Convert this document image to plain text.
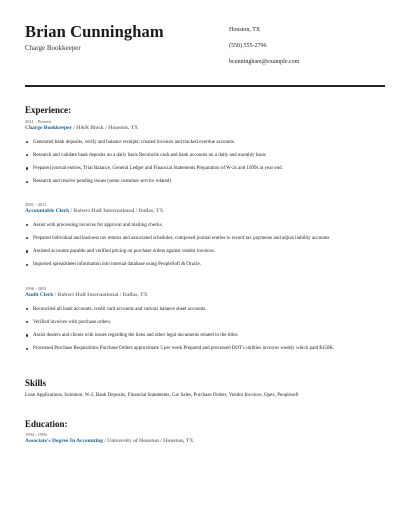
Brian Cunningham
Charge Bookkeeper
Houston, TX
(550) 555-2796
bcunningham@example.com
Experience:
2011 - Present
Charge Bookkeeper / H&R Block / Houston, TX
Generated bank deposits, verify and balance receipts; created invoices and tracked overdue accounts.
Research and validate bank deposits on a daily basis Reconcile cash and bank accounts on a daily and monthly basis
Prepared journal entries, Trial Balance, General Ledger and Financial Statements Preparation of W-2s and 1099s at year end.
Research and resolve pending issues (some customer service related)
2001 - 2011
Accountable Clerk / Robert Half International / Dallas, TX
Assist with processing invoices for approval and mailing checks.
Prepared individual and business tax returns and associated schedules; composed journal entries to record tax payments and adjust liability accounts
Assisted accounts payable and verified pricing on purchase orders against vendor invoices.
Imported spreadsheet information into internal database using PeopleSoft & Oracle.
1996 - 2001
Audit Clerk / Robert Half International / Dallas, TX
Reconciled all bank accounts, credit card accounts and various balance sheet accounts.
Verified invoices with purchase orders.
Assist dealers and clients with issues regarding the liens and other legal documents related to the titles.
Processed Purchase Requisitions Purchase Orders approximate 5 per week Prepared and processed DOT's utilities invoices weekly which paid $150K.
Skills
Loan Applications, Solomon, W-2, Bank Deposits, Financial Statements, Car Sales, Purchase Orders, Vendor Invoices, Opex, Peoplesoft
Education:
1994 - 1996
Associate's Degree In Accounting / University of Houston / Houston, TX
